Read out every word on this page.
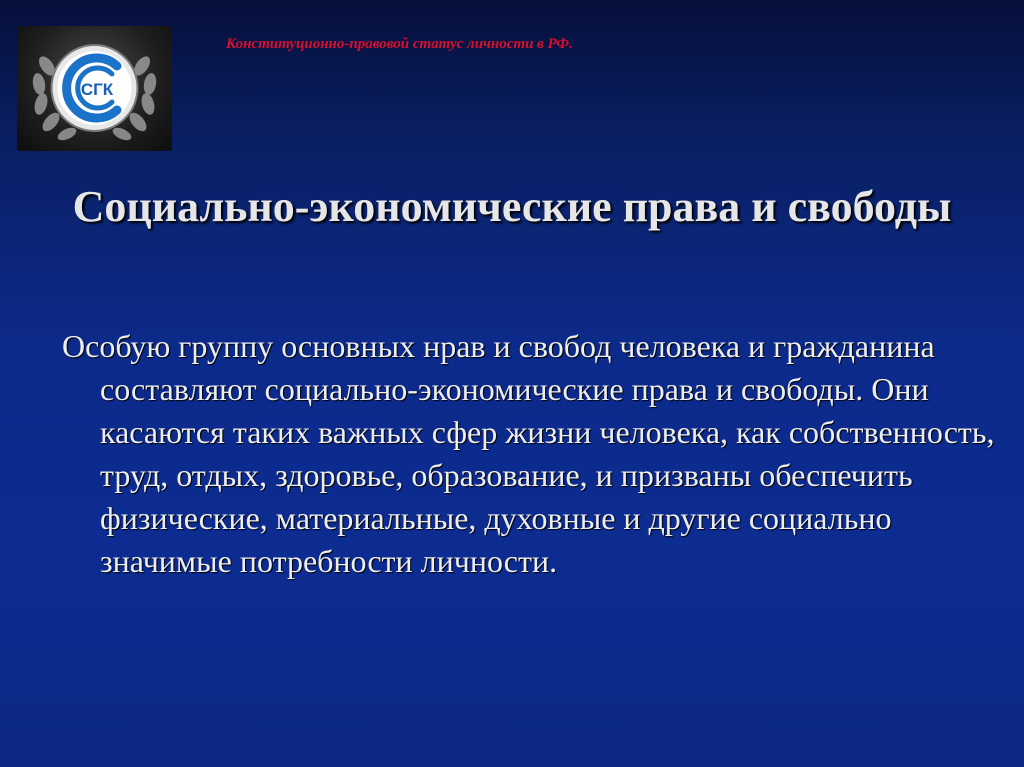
СГК
Конституционно-правовой статус личности в РФ.
Социально-экономические права и свободы
Особую группу основных нрав и свобод человека и гражданина составляют социально-экономические права и свободы. Они касаются таких важных сфер жизни человека, как собственность, труд, отдых, здоровье, образование, и призваны обеспечить физические, материальные, духовные и другие социально значимые потребности личности.
